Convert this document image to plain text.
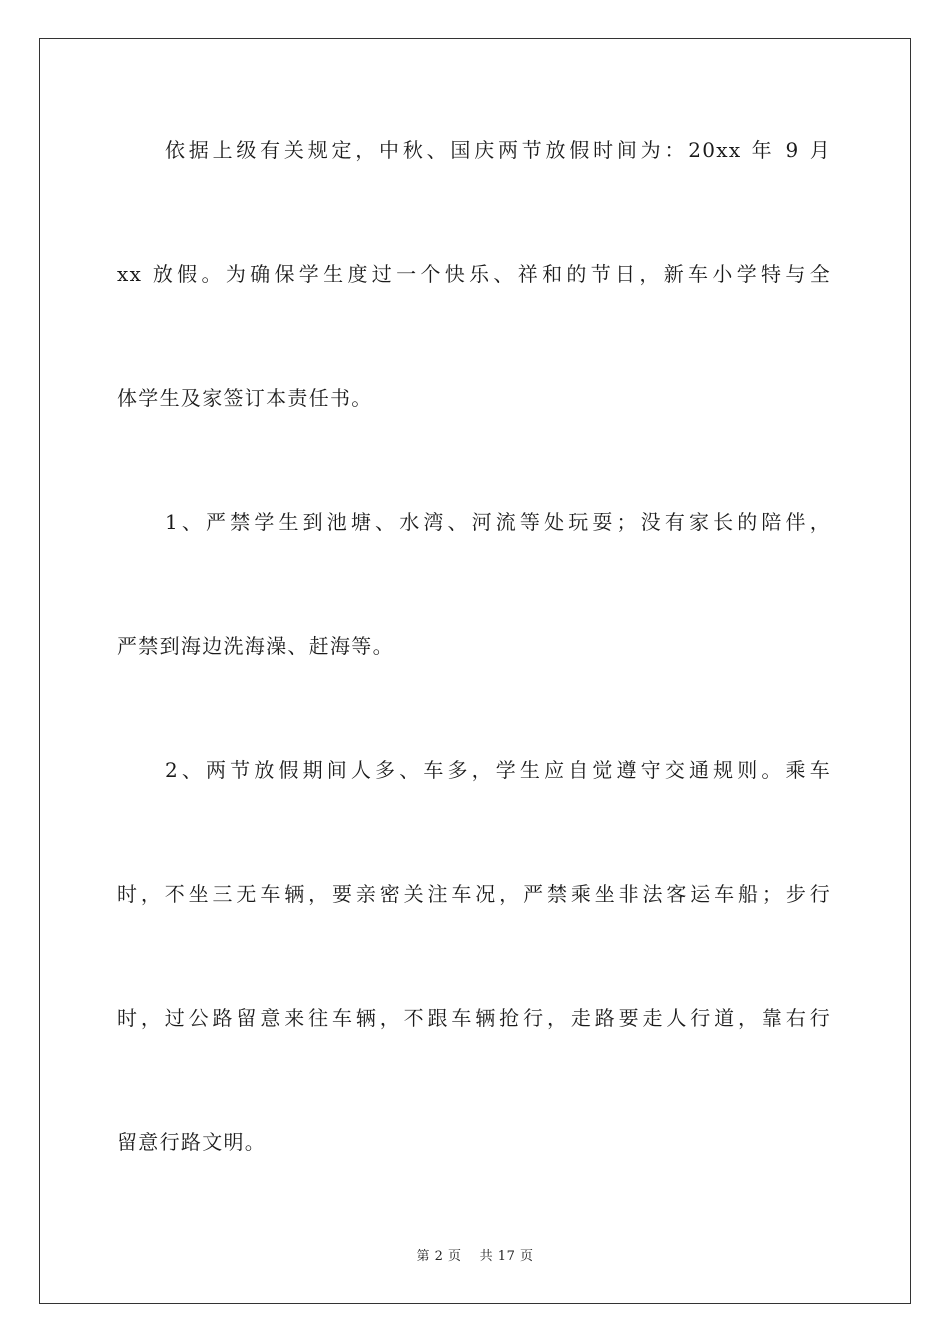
依据上级有关规定，中秋、国庆两节放假时间为：20xx 年 9 月
xx 放假。为确保学生度过一个快乐、祥和的节日，新车小学特与全
体学生及家签订本责任书。
1、严禁学生到池塘、水湾、河流等处玩耍；没有家长的陪伴，
严禁到海边洗海澡、赶海等。
2、两节放假期间人多、车多，学生应自觉遵守交通规则。乘车
时，不坐三无车辆，要亲密关注车况，严禁乘坐非法客运车船；步行
时，过公路留意来往车辆，不跟车辆抢行，走路要走人行道，靠右行
留意行路文明。
第 2 页　 共 17 页
